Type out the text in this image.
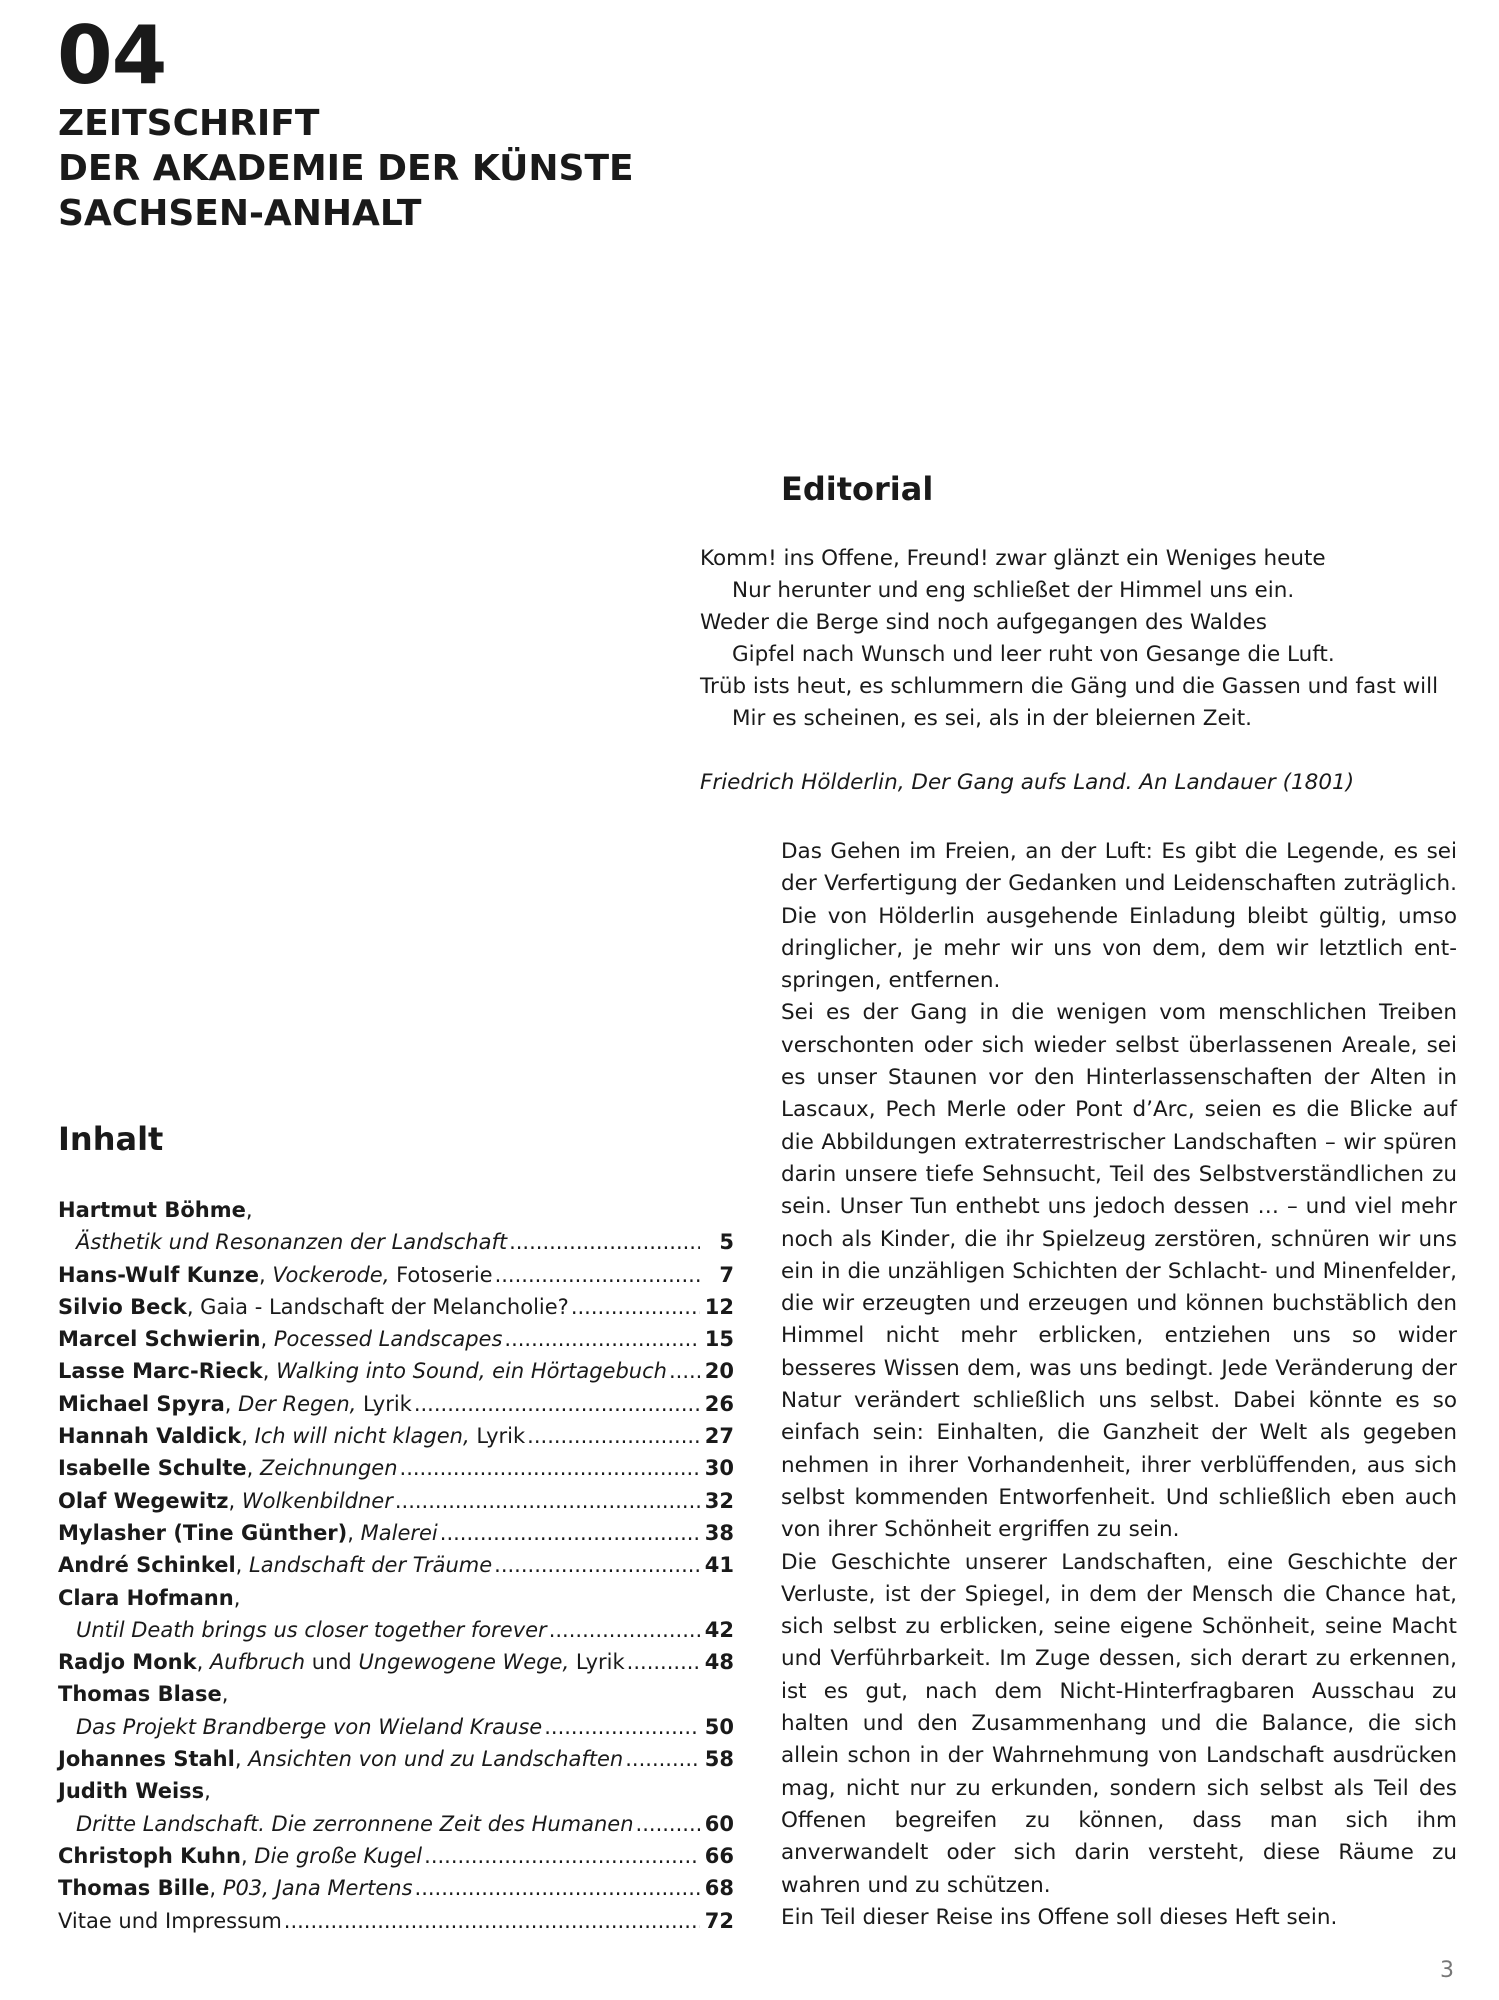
04
ZEITSCHRIFT
DER AKADEMIE DER KÜNSTE
SACHSEN-ANHALT
Editorial
Komm! ins Offene, Freund! zwar glänzt ein Weniges heute
Nur herunter und eng schließet der Himmel uns ein.
Weder die Berge sind noch aufgegangen des Waldes
Gipfel nach Wunsch und leer ruht von Gesange die Luft.
Trüb ists heut, es schlummern die Gäng und die Gassen und fast will
Mir es scheinen, es sei, als in der bleiernen Zeit.
Friedrich Hölderlin, Der Gang aufs Land. An Landauer (1801)

Das Gehen im Freien, an der Luft: Es gibt die Legende, es sei der Verfertigung der Gedanken und Leidenschaften zuträglich. Die von Hölderlin ausgehende Einladung bleibt gültig, umso dringlicher, je mehr wir uns von dem, dem wir letztlich entspringen, entfernen.

Sei es der Gang in die wenigen vom menschlichen Treiben verschonten oder sich wieder selbst überlassenen Areale, sei es unser Staunen vor den Hinterlassenschaften der Alten in Lascaux, Pech Merle oder Pont d’Arc, seien es die Blicke auf die Abbildungen extraterrestrischer Landschaften – wir spüren darin unsere tiefe Sehnsucht, Teil des Selbstverständlichen zu sein. Unser Tun enthebt uns jedoch dessen … – und viel mehr noch als Kinder, die ihr Spielzeug zerstören, schnüren wir uns ein in die unzähligen Schichten der Schlacht- und Minenfelder, die wir erzeugten und erzeugen und können buchstäblich den Himmel nicht mehr erblicken, entziehen uns so wider besseres Wissen dem, was uns bedingt. Jede Veränderung der Natur verändert schließlich uns selbst. Dabei könnte es so einfach sein: Einhalten, die Ganzheit der Welt als gegeben nehmen in ihrer Vorhandenheit, ihrer verblüffenden, aus sich selbst kommenden Entworfenheit. Und schließlich eben auch von ihrer Schönheit ergriffen zu sein.

Die Geschichte unserer Landschaften, eine Geschichte der Verluste, ist der Spiegel, in dem der Mensch die Chance hat, sich selbst zu erblicken, seine eigene Schönheit, seine Macht und Verführbarkeit. Im Zuge dessen, sich derart zu erkennen, ist es gut, nach dem Nicht-Hinterfragbaren Ausschau zu halten und den Zusammenhang und die Balance, die sich allein schon in der Wahrnehmung von Landschaft ausdrücken mag, nicht nur zu erkunden, sondern sich selbst als Teil des Offenen begreifen zu können, dass man sich ihm anverwandelt oder sich darin versteht, diese Räume zu wahren und zu schützen.

Ein Teil dieser Reise ins Offene soll dieses Heft sein.

Inhalt
Hartmut Böhme,
Ästhetik und Resonanzen der Landschaft .....	5
Hans-Wulf Kunze, Vockerode, Fotoserie .....	7
Silvio Beck, Gaia - Landschaft der Melancholie? .....	12
Marcel Schwierin, Pocessed Landscapes .....	15
Lasse Marc-Rieck, Walking into Sound, ein Hörtagebuch ..... 20
Michael Spyra, Der Regen, Lyrik .....	26
Hannah Valdick, Ich will nicht klagen, Lyrik .....	27
Isabelle Schulte, Zeichnungen .....	30
Olaf Wegewitz, Wolkenbildner .....	32
Mylasher (Tine Günther), Malerei .....	38
André Schinkel, Landschaft der Träume .....	41
Clara Hofmann,
Until Death brings us closer together forever .....	42
Radjo Monk, Aufbruch und Ungewogene Wege, Lyrik .....	48
Thomas Blase,
Das Projekt Brandberge von Wieland Krause .....	50
Johannes Stahl, Ansichten von und zu Landschaften .....	58
Judith Weiss,
Dritte Landschaft. Die zerronnene Zeit des Humanen .....	60
Christoph Kuhn, Die große Kugel .....	66
Thomas Bille, P03, Jana Mertens .....	68
Vitae und Impressum .....	72
3
